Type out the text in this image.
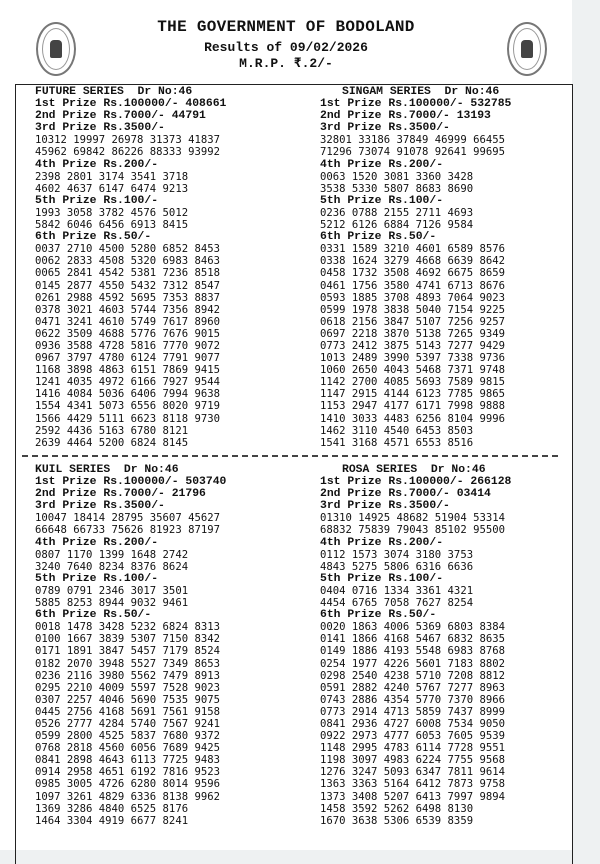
THE GOVERNMENT OF BODOLAND
Results of 09/02/2026
M.R.P. ₹.2/-
FUTURE SERIES  Dr No:46
1st Prize Rs.100000/- 408661
2nd Prize Rs.7000/- 44791
3rd Prize Rs.3500/-
10312 19997 26978 31373 41837
45962 69842 86226 88333 93992
4th Prize Rs.200/-
2398 2801 3174 3541 3718
4602 4637 6147 6474 9213
5th Prize Rs.100/-
1993 3058 3782 4576 5012
5842 6046 6456 6913 8415
6th Prize Rs.50/-
0037 2710 4500 5280 6852 8453
0062 2833 4508 5320 6983 8463
0065 2841 4542 5381 7236 8518
0145 2877 4550 5432 7312 8547
0261 2988 4592 5695 7353 8837
0378 3021 4603 5744 7356 8942
0471 3241 4610 5749 7617 8960
0622 3509 4688 5776 7676 9015
0936 3588 4728 5816 7770 9072
0967 3797 4780 6124 7791 9077
1168 3898 4863 6151 7869 9415
1241 4035 4972 6166 7927 9544
1416 4084 5036 6406 7994 9638
1554 4341 5073 6556 8020 9719
1566 4429 5111 6623 8118 9730
2592 4436 5163 6780 8121
2639 4464 5200 6824 8145
SINGAM SERIES  Dr No:46
1st Prize Rs.100000/- 532785
2nd Prize Rs.7000/- 13193
3rd Prize Rs.3500/-
32801 33186 37849 46999 66455
71296 73074 91078 92641 99695
4th Prize Rs.200/-
0063 1520 3081 3360 3428
3538 5330 5807 8683 8690
5th Prize Rs.100/-
0236 0788 2155 2711 4693
5212 6126 6884 7126 9584
6th Prize Rs.50/-
0331 1589 3210 4601 6589 8576
0338 1624 3279 4668 6639 8642
0458 1732 3508 4692 6675 8659
0461 1756 3580 4741 6713 8676
0593 1885 3708 4893 7064 9023
0599 1978 3838 5040 7154 9225
0618 2156 3847 5107 7256 9257
0697 2218 3870 5138 7265 9349
0773 2412 3875 5143 7277 9429
1013 2489 3990 5397 7338 9736
1060 2650 4043 5468 7371 9748
1142 2700 4085 5693 7589 9815
1147 2915 4144 6123 7785 9865
1153 2947 4177 6171 7998 9888
1410 3033 4483 6256 8104 9996
1462 3110 4540 6453 8503
1541 3168 4571 6553 8516
KUIL SERIES  Dr No:46
1st Prize Rs.100000/- 503740
2nd Prize Rs.7000/- 21796
3rd Prize Rs.3500/-
10047 18414 28795 35607 45627
66648 66733 75626 81923 87197
4th Prize Rs.200/-
0807 1170 1399 1648 2742
3240 7640 8234 8376 8624
5th Prize Rs.100/-
0789 0791 2346 3017 3501
5885 8253 8944 9032 9461
6th Prize Rs.50/-
0018 1478 3428 5232 6824 8313
0100 1667 3839 5307 7150 8342
0171 1891 3847 5457 7179 8524
0182 2070 3948 5527 7349 8653
0236 2116 3980 5562 7479 8913
0295 2210 4009 5597 7528 9023
0307 2257 4046 5690 7535 9075
0445 2756 4168 5691 7561 9158
0526 2777 4284 5740 7567 9241
0599 2800 4525 5837 7680 9372
0768 2818 4560 6056 7689 9425
0841 2898 4643 6113 7725 9483
0914 2958 4651 6192 7816 9523
0985 3005 4726 6280 8014 9596
1097 3261 4829 6336 8138 9962
1369 3286 4840 6525 8176
1464 3304 4919 6677 8241
ROSA SERIES  Dr No:46
1st Prize Rs.100000/- 266128
2nd Prize Rs.7000/- 03414
3rd Prize Rs.3500/-
01310 14925 48682 51904 53314
68832 75839 79043 85102 95500
4th Prize Rs.200/-
0112 1573 3074 3180 3753
4843 5275 5806 6316 6636
5th Prize Rs.100/-
0404 0716 1334 3361 4321
4454 6765 7058 7627 8254
6th Prize Rs.50/-
0020 1863 4006 5369 6803 8384
0141 1866 4168 5467 6832 8635
0149 1886 4193 5548 6983 8768
0254 1977 4226 5601 7183 8802
0298 2540 4238 5710 7208 8812
0591 2882 4240 5767 7277 8963
0743 2886 4354 5770 7370 8966
0773 2914 4713 5859 7437 8999
0841 2936 4727 6008 7534 9050
0922 2973 4777 6053 7605 9539
1148 2995 4783 6114 7728 9551
1198 3097 4983 6224 7755 9568
1276 3247 5093 6347 7811 9614
1363 3363 5164 6412 7873 9758
1373 3408 5207 6413 7997 9894
1458 3592 5262 6498 8130
1670 3638 5306 6539 8359
